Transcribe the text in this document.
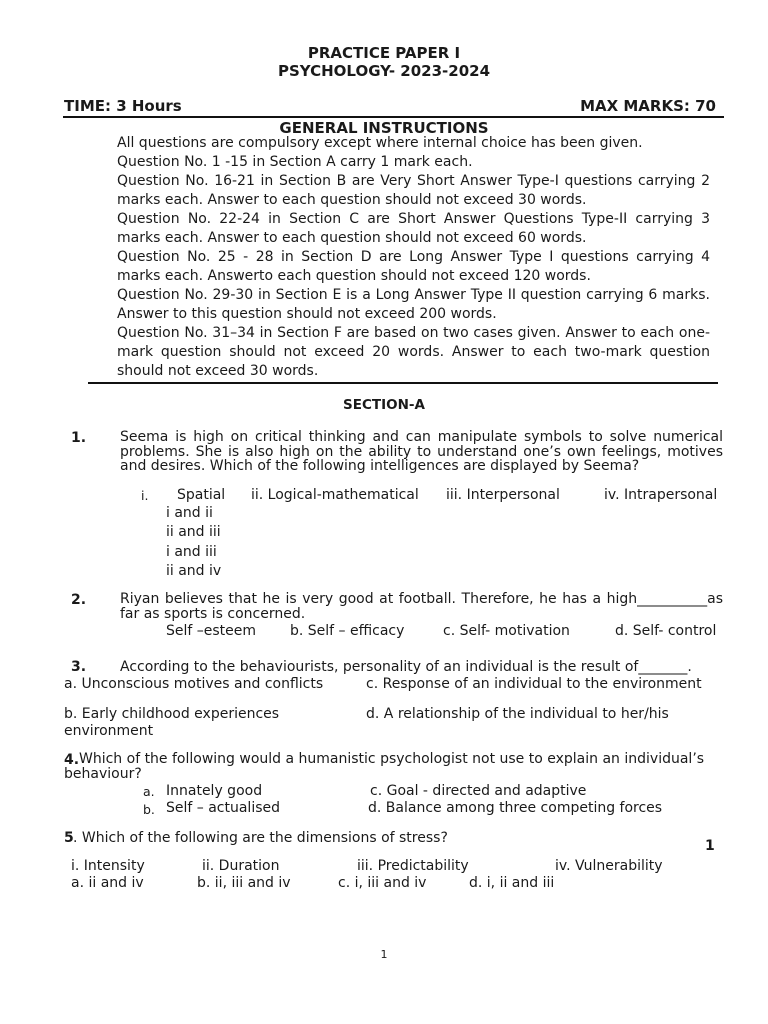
PRACTICE PAPER I
PSYCHOLOGY- 2023-2024
TIME: 3 Hours	MAX MARKS: 70
GENERAL INSTRUCTIONS

All questions are compulsory except where internal choice has been given.

Question No. 1 -15 in Section A carry 1 mark each.

Question No. 16-21 in Section B are Very Short Answer Type-I questions carrying 2 marks each. Answer to each question should not exceed 30 words.

Question No. 22-24 in Section C are Short Answer Questions Type-II carrying 3 marks each. Answer to each question should not exceed 60 words.

Question No. 25 - 28 in Section D are Long Answer Type I questions carrying 4 marks each. Answerto each question should not exceed 120 words.

Question No. 29-30 in Section E is a Long Answer Type II question carrying 6 marks. Answer to this question should not exceed 200 words.

Question No. 31–34 in Section F are based on two cases given. Answer to each one-mark question should not exceed 20 words. Answer to each two-mark question should not exceed 30 words.

SECTION-A
1. Seema is high on critical thinking and can manipulate symbols to solve numerical problems. She is also high on the ability to understand one’s own feelings, motives and desires. Which of the following intelligences are displayed by Seema?
i. Spatial ii. Logical-mathematical iii. Interpersonal	iv. Intrapersonal
i and ii
ii and iii
i and iii
ii and iv
2. Riyan believes that he is very good at football. Therefore, he has a high__________as far as sports is concerned.
Self –esteem b. Self – efficacy	c. Self- motivation	d. Self- control
3. According to the behaviourists, personality of an individual is the result of_______.
a. Unconscious motives and conflicts	c. Response of an individual to the environment
b. Early childhood experiences	d. A relationship of the individual to her/his
environment
4. Which of the following would a humanistic psychologist not use to explain an individual’s behaviour?
a. Innately good	c. Goal - directed and adaptive
b. Self – actualised	d. Balance among three competing forces
5 . Which of the following are the dimensions of stress?	1
i. Intensity	ii. Duration	iii. Predictability	iv. Vulnerability
a. ii and iv	b. ii, iii and iv	c. i, iii and iv	d. i, ii and iii
1
